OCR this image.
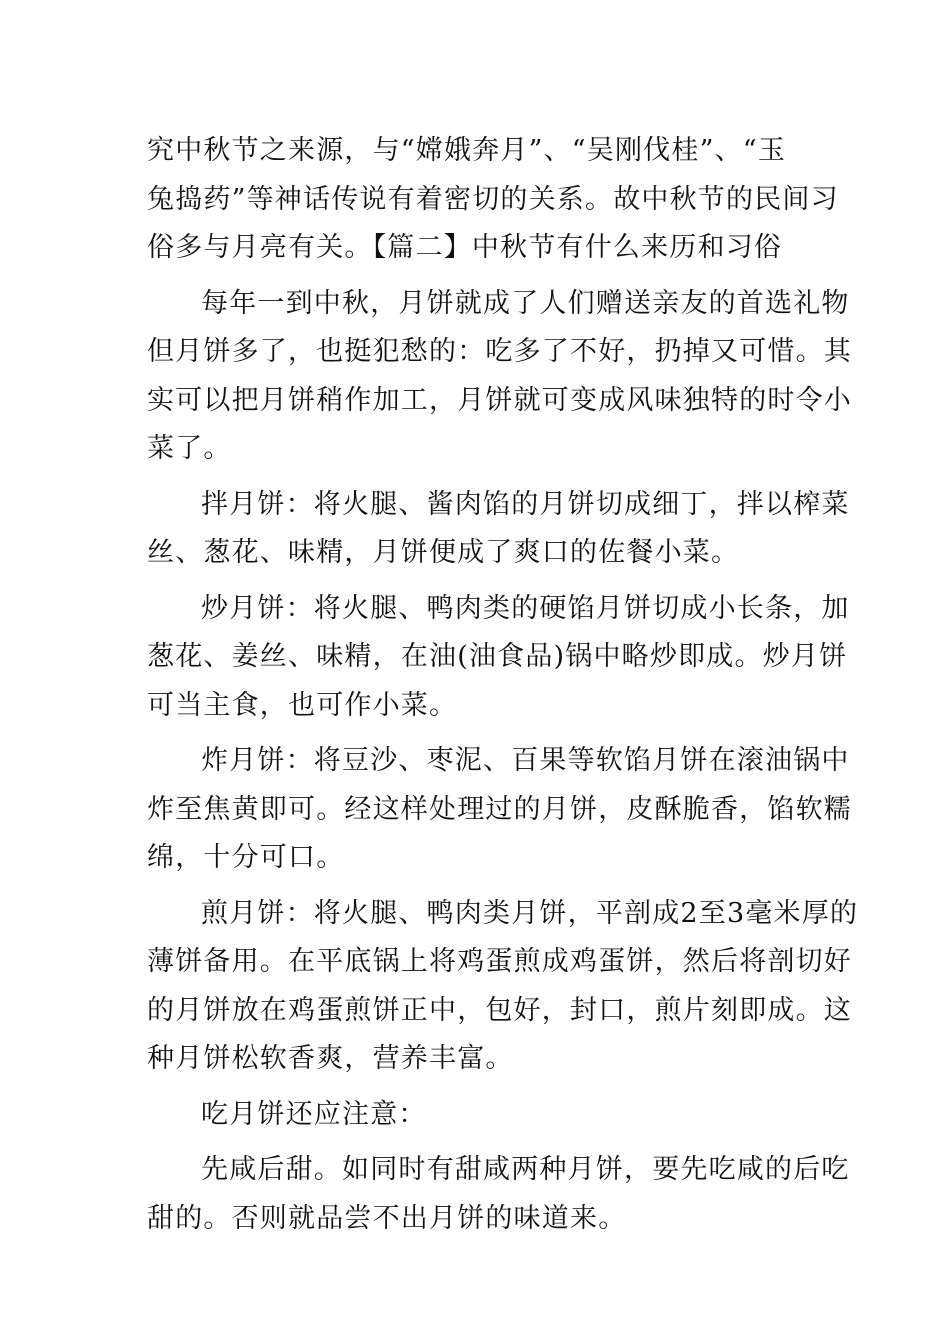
究中秋节之来源，与“嫦娥奔月”、“吴刚伐桂”、“玉
兔捣药”等神话传说有着密切的关系。故中秋节的民间习
俗多与月亮有关。【篇二】中秋节有什么来历和习俗

每年一到中秋，月饼就成了人们赠送亲友的首选礼物
但月饼多了，也挺犯愁的：吃多了不好，扔掉又可惜。其
实可以把月饼稍作加工，月饼就可变成风味独特的时令小
菜了。

拌月饼：将火腿、酱肉馅的月饼切成细丁，拌以榨菜
丝、葱花、味精，月饼便成了爽口的佐餐小菜。

炒月饼：将火腿、鸭肉类的硬馅月饼切成小长条，加
葱花、姜丝、味精，在油(油食品)锅中略炒即成。炒月饼
可当主食，也可作小菜。

炸月饼：将豆沙、枣泥、百果等软馅月饼在滚油锅中
炸至焦黄即可。经这样处理过的月饼，皮酥脆香，馅软糯
绵，十分可口。

煎月饼：将火腿、鸭肉类月饼，平剖成2至3毫米厚的
薄饼备用。在平底锅上将鸡蛋煎成鸡蛋饼，然后将剖切好
的月饼放在鸡蛋煎饼正中，包好，封口，煎片刻即成。这
种月饼松软香爽，营养丰富。

吃月饼还应注意：

先咸后甜。如同时有甜咸两种月饼，要先吃咸的后吃
甜的。否则就品尝不出月饼的味道来。
